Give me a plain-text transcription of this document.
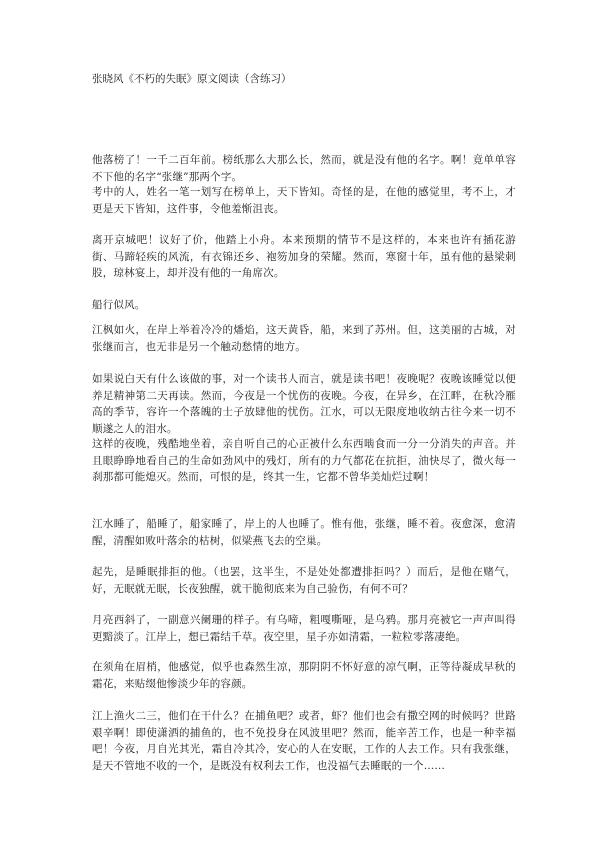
张晓风《不朽的失眠》原文阅读（含练习）

他落榜了！一千二百年前。榜纸那么大那么长，然而，就是没有他的名字。啊！竟单单容不下他的名字“张继”那两个字。

考中的人，姓名一笔一划写在榜单上，天下皆知。奇怪的是，在他的感觉里，考不上，才更是天下皆知，这件事，令他羞惭沮丧。

离开京城吧！议好了价，他踏上小舟。本来预期的情节不是这样的，本来也许有插花游街、马蹄轻疾的风流，有衣锦还乡、袍笏加身的荣耀。然而，寒窗十年，虽有他的悬梁刺股，琼林宴上，却并没有他的一角席次。

船行似风。

江枫如火，在岸上举着冷冷的燔焰，这天黄昏，船，来到了苏州。但，这美丽的古城，对张继而言，也无非是另一个触动愁情的地方。

如果说白天有什么该做的事，对一个读书人而言，就是读书吧！夜晚呢？夜晚该睡觉以便养足精神第二天再读。然而，今夜是一个忧伤的夜晚。今夜，在异乡，在江畔，在秋冷雁高的季节，容许一个落魄的士子放肆他的忧伤。江水，可以无限度地收纳古往今来一切不顺遂之人的泪水。

这样的夜晚，残酷地坐着，亲自听自己的心正被什么东西啮食而一分一分消失的声音。并且眼睁睁地看自己的生命如劲风中的残灯，所有的力气都花在抗拒，油快尽了，微火每一刹那都可能熄灭。然而，可恨的是，终其一生，它都不曾华美灿烂过啊！

江水睡了，船睡了，船家睡了，岸上的人也睡了。惟有他，张继，睡不着。夜愈深，愈清醒，清醒如败叶落余的枯树，似梁燕飞去的空巢。

起先，是睡眠排拒的他。（也罢，这半生，不是处处都遭排拒吗？）而后，是他在赌气，好，无眠就无眠，长夜独醒，就干脆彻底来为自己验伤，有何不可？

月亮西斜了，一副意兴阑珊的样子。有乌啼，粗嘎嘶哑，是乌鸦。那月亮被它一声声叫得更黯淡了。江岸上，想已霜结千草。夜空里，星子亦如清霜，一粒粒零落凄绝。

在须角在眉梢，他感觉，似乎也森然生凉，那阴阴不怀好意的凉气啊，正等待凝成早秋的霜花，来贴缀他惨淡少年的容颜。

江上渔火二三，他们在干什么？在捕鱼吧？或者，虾？他们也会有撒空网的时候吗？世路艰辛啊！即使潇洒的捕鱼的，也不免投身在风波里吧？然而，能辛苦工作，也是一种幸福吧！今夜，月自光其光，霜自冷其冷，安心的人在安眠，工作的人去工作。只有我张继，是天不管地不收的一个，是既没有权利去工作，也没福气去睡眠的一个……
